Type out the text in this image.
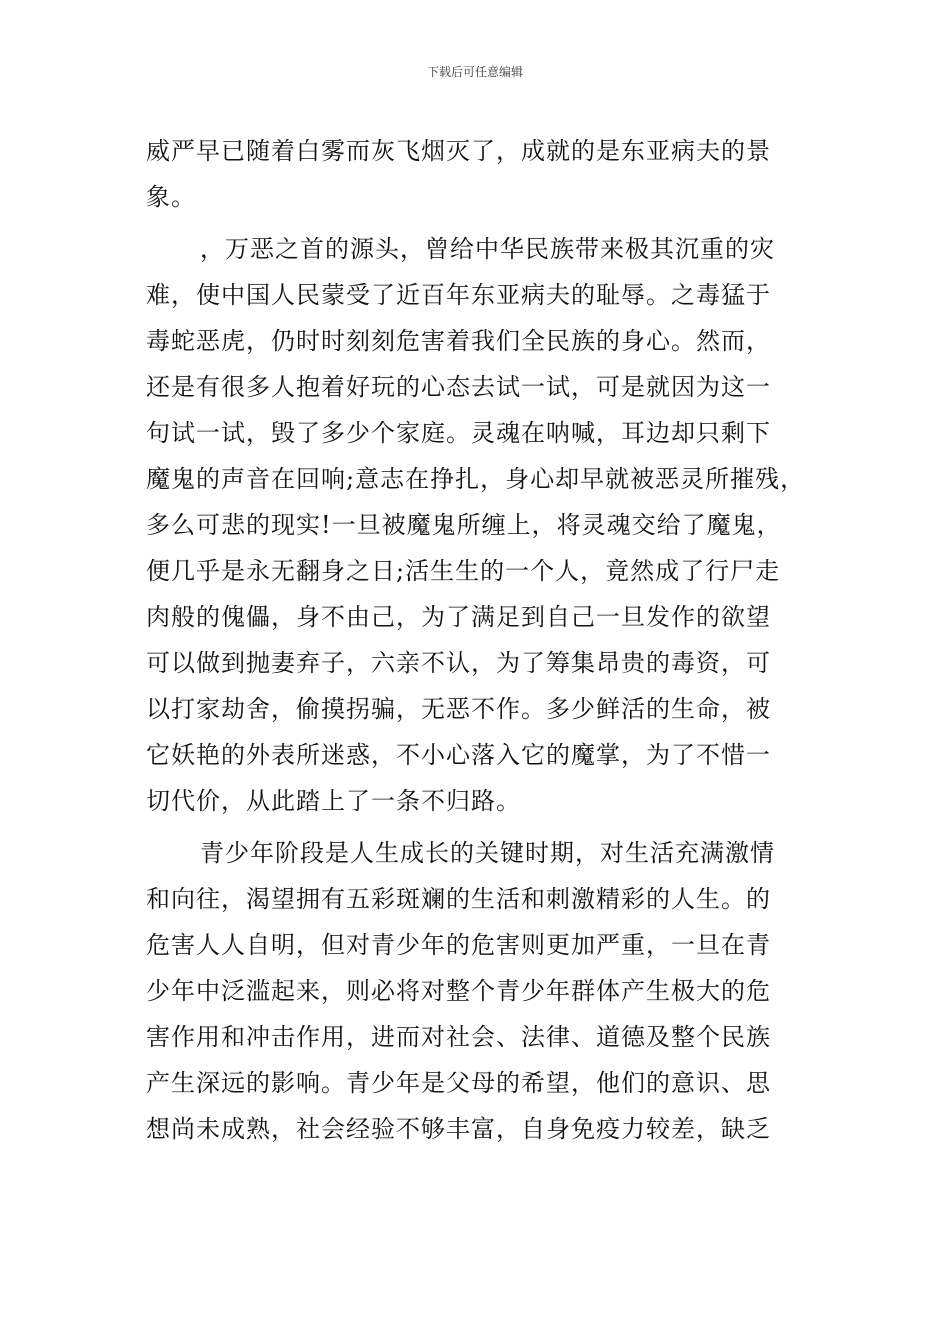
下载后可任意编辑
威严早已随着白雾而灰飞烟灭了，成就的是东亚病夫的景
象。
，万恶之首的源头，曾给中华民族带来极其沉重的灾
难，使中国人民蒙受了近百年东亚病夫的耻辱。之毒猛于
毒蛇恶虎，仍时时刻刻危害着我们全民族的身心。然而，
还是有很多人抱着好玩的心态去试一试，可是就因为这一
句试一试，毁了多少个家庭。灵魂在呐喊，耳边却只剩下
魔鬼的声音在回响;意志在挣扎，身心却早就被恶灵所摧残，
多么可悲的现实!一旦被魔鬼所缠上，将灵魂交给了魔鬼，
便几乎是永无翻身之日;活生生的一个人，竟然成了行尸走
肉般的傀儡，身不由己，为了满足到自己一旦发作的欲望
可以做到抛妻弃子，六亲不认，为了筹集昂贵的毒资，可
以打家劫舍，偷摸拐骗，无恶不作。多少鲜活的生命，被
它妖艳的外表所迷惑，不小心落入它的魔掌，为了不惜一
切代价，从此踏上了一条不归路。
青少年阶段是人生成长的关键时期，对生活充满激情
和向往，渴望拥有五彩斑斓的生活和刺激精彩的人生。的
危害人人自明，但对青少年的危害则更加严重，一旦在青
少年中泛滥起来，则必将对整个青少年群体产生极大的危
害作用和冲击作用，进而对社会、法律、道德及整个民族
产生深远的影响。青少年是父母的希望，他们的意识、思
想尚未成熟，社会经验不够丰富，自身免疫力较差，缺乏
